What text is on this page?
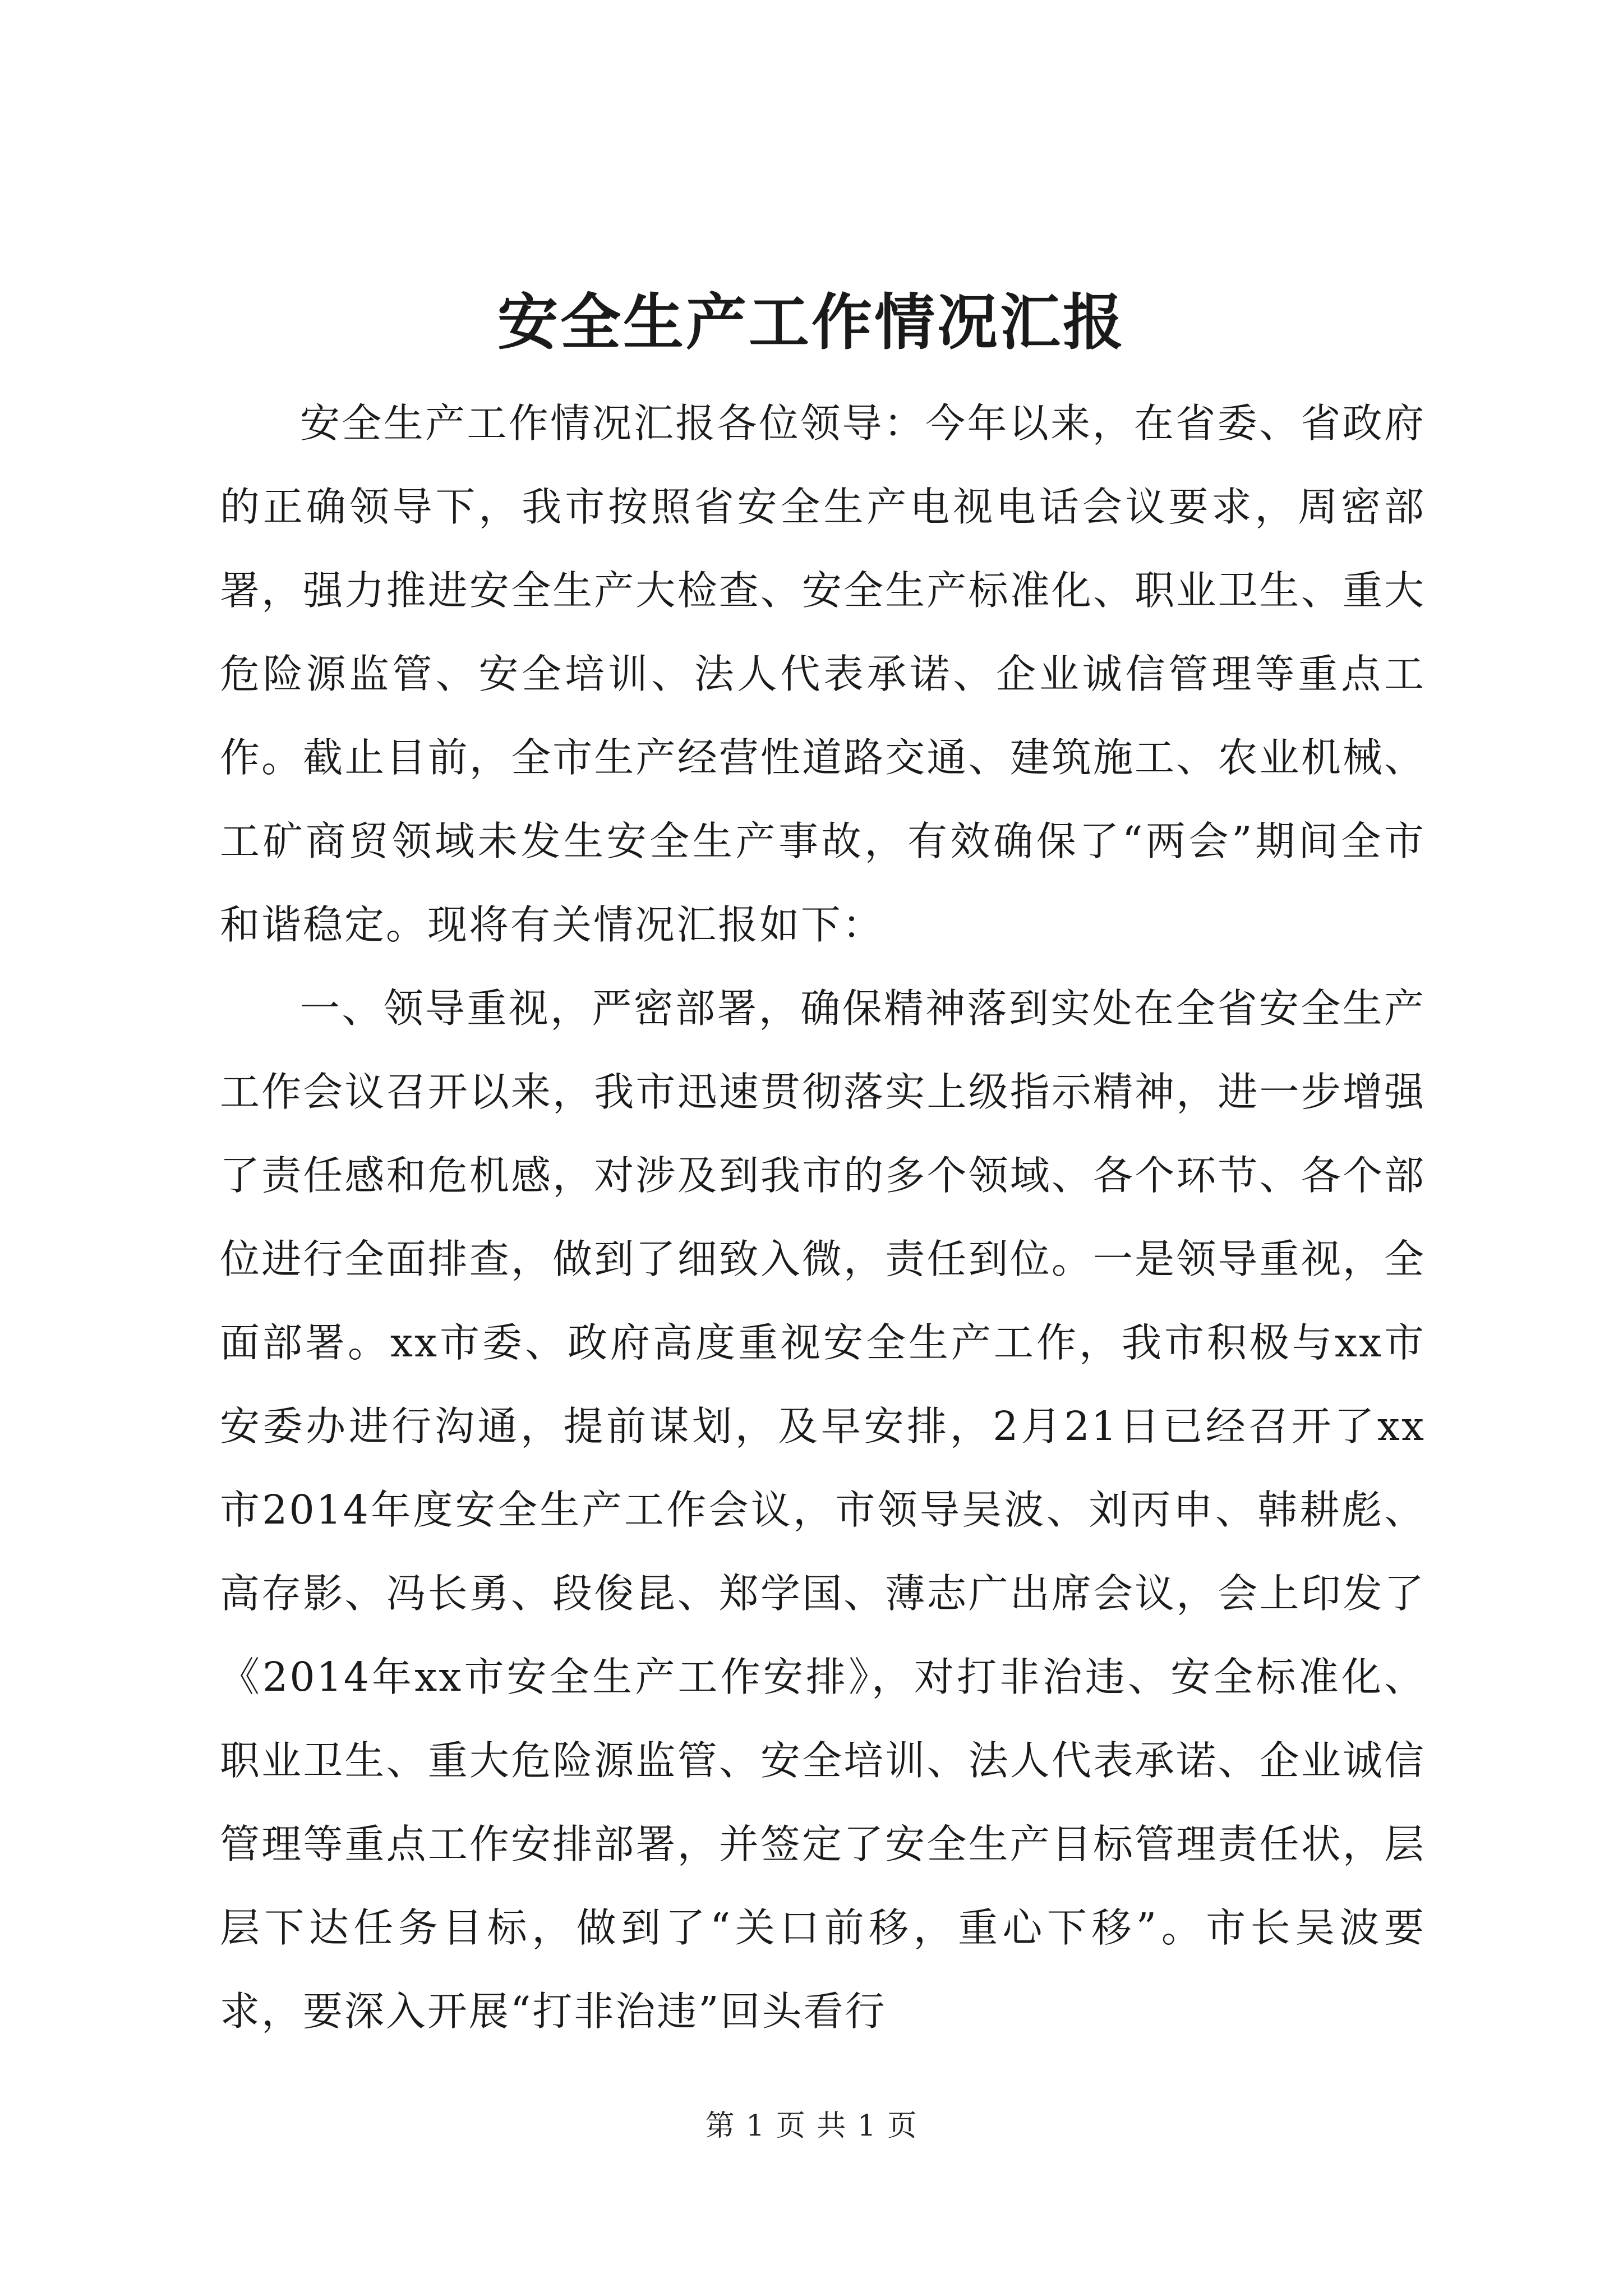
安全生产工作情况汇报

安全生产工作情况汇报各位领导：今年以来，在省委、省政府的正确领导下，我市按照省安全生产电视电话会议要求，周密部署，强力推进安全生产大检查、安全生产标准化、职业卫生、重大危险源监管、安全培训、法人代表承诺、企业诚信管理等重点工作。截止目前，全市生产经营性道路交通、建筑施工、农业机械、工矿商贸领域未发生安全生产事故，有效确保了“两会”期间全市和谐稳定。现将有关情况汇报如下：

一、领导重视，严密部署，确保精神落到实处在全省安全生产工作会议召开以来，我市迅速贯彻落实上级指示精神，进一步增强了责任感和危机感，对涉及到我市的多个领域、各个环节、各个部位进行全面排查，做到了细致入微，责任到位。一是领导重视，全面部署。xx市委、政府高度重视安全生产工作，我市积极与xx市安委办进行沟通，提前谋划，及早安排，2月21日已经召开了xx市2014年度安全生产工作会议，市领导吴波、刘丙申、韩耕彪、高存影、冯长勇、段俊昆、郑学国、薄志广出席会议，会上印发了《2014年xx市安全生产工作安排》，对打非治违、安全标准化、职业卫生、重大危险源监管、安全培训、法人代表承诺、企业诚信管理等重点工作安排部署，并签定了安全生产目标管理责任状，层层下达任务目标，做到了“关口前移，重心下移”。市长吴波要求，要深入开展“打非治违”回头看行

第 1 页 共 1 页
